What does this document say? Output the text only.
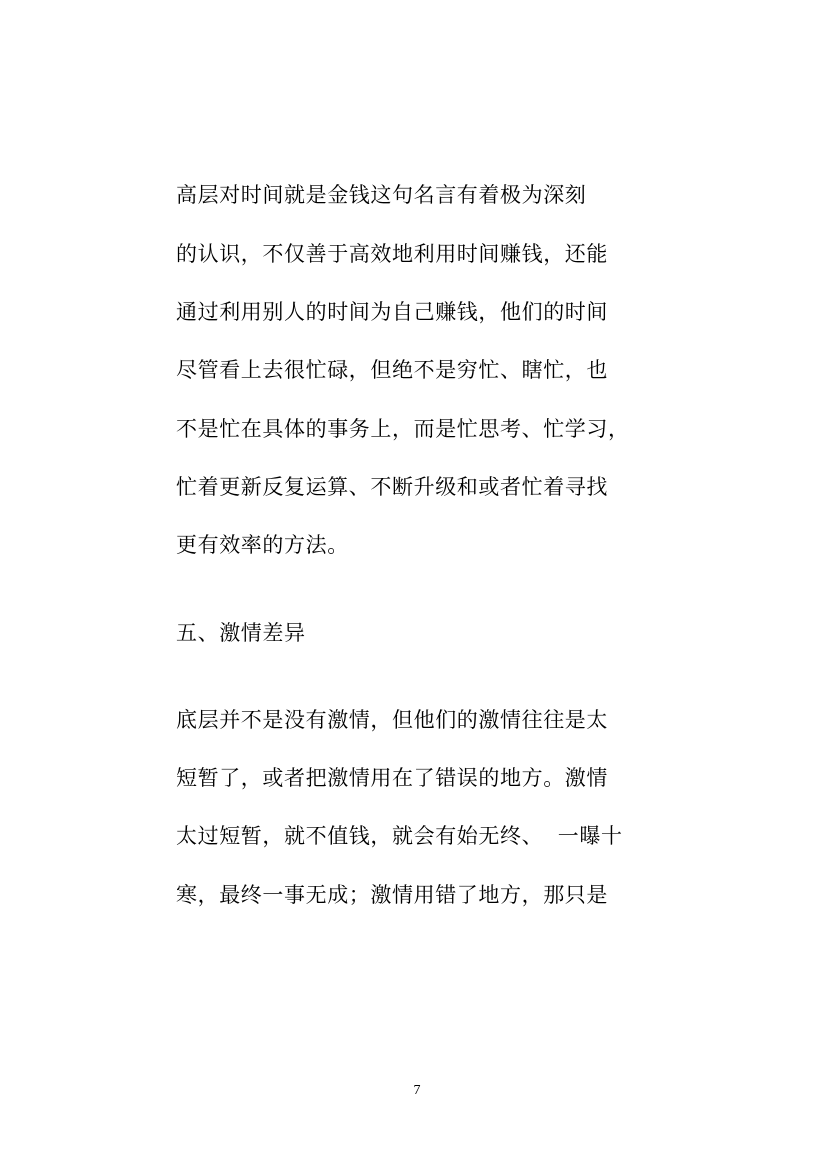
高层对时间就是金钱这句名言有着极为深刻
的认识，不仅善于高效地利用时间赚钱，还能
通过利用别人的时间为自己赚钱，他们的时间
尽管看上去很忙碌，但绝不是穷忙、瞎忙，也
不是忙在具体的事务上，而是忙思考、忙学习，
忙着更新反复运算、不断升级和或者忙着寻找
更有效率的方法。
五、激情差异
底层并不是没有激情，但他们的激情往往是太
短暂了，或者把激情用在了错误的地方。激情
太过短暂，就不值钱，就会有始无终、  一曝十
寒，最终一事无成；激情用错了地方，那只是
7
